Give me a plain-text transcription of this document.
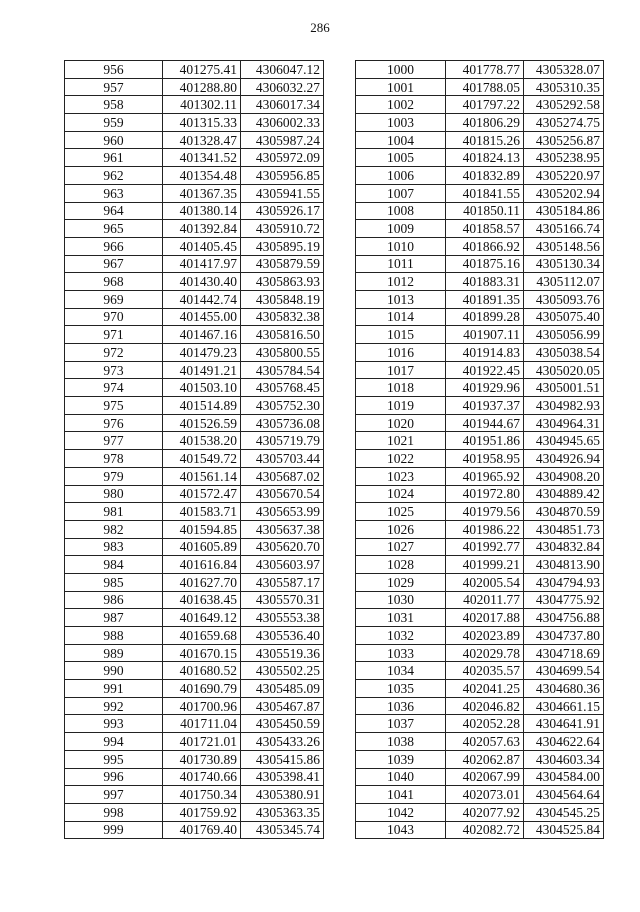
286
956	401275.41	4306047.12
957	401288.80	4306032.27
958	401302.11	4306017.34
959	401315.33	4306002.33
960	401328.47	4305987.24
961	401341.52	4305972.09
962	401354.48	4305956.85
963	401367.35	4305941.55
964	401380.14	4305926.17
965	401392.84	4305910.72
966	401405.45	4305895.19
967	401417.97	4305879.59
968	401430.40	4305863.93
969	401442.74	4305848.19
970	401455.00	4305832.38
971	401467.16	4305816.50
972	401479.23	4305800.55
973	401491.21	4305784.54
974	401503.10	4305768.45
975	401514.89	4305752.30
976	401526.59	4305736.08
977	401538.20	4305719.79
978	401549.72	4305703.44
979	401561.14	4305687.02
980	401572.47	4305670.54
981	401583.71	4305653.99
982	401594.85	4305637.38
983	401605.89	4305620.70
984	401616.84	4305603.97
985	401627.70	4305587.17
986	401638.45	4305570.31
987	401649.12	4305553.38
988	401659.68	4305536.40
989	401670.15	4305519.36
990	401680.52	4305502.25
991	401690.79	4305485.09
992	401700.96	4305467.87
993	401711.04	4305450.59
994	401721.01	4305433.26
995	401730.89	4305415.86
996	401740.66	4305398.41
997	401750.34	4305380.91
998	401759.92	4305363.35
999	401769.40	4305345.74
1000	401778.77	4305328.07
1001	401788.05	4305310.35
1002	401797.22	4305292.58
1003	401806.29	4305274.75
1004	401815.26	4305256.87
1005	401824.13	4305238.95
1006	401832.89	4305220.97
1007	401841.55	4305202.94
1008	401850.11	4305184.86
1009	401858.57	4305166.74
1010	401866.92	4305148.56
1011	401875.16	4305130.34
1012	401883.31	4305112.07
1013	401891.35	4305093.76
1014	401899.28	4305075.40
1015	401907.11	4305056.99
1016	401914.83	4305038.54
1017	401922.45	4305020.05
1018	401929.96	4305001.51
1019	401937.37	4304982.93
1020	401944.67	4304964.31
1021	401951.86	4304945.65
1022	401958.95	4304926.94
1023	401965.92	4304908.20
1024	401972.80	4304889.42
1025	401979.56	4304870.59
1026	401986.22	4304851.73
1027	401992.77	4304832.84
1028	401999.21	4304813.90
1029	402005.54	4304794.93
1030	402011.77	4304775.92
1031	402017.88	4304756.88
1032	402023.89	4304737.80
1033	402029.78	4304718.69
1034	402035.57	4304699.54
1035	402041.25	4304680.36
1036	402046.82	4304661.15
1037	402052.28	4304641.91
1038	402057.63	4304622.64
1039	402062.87	4304603.34
1040	402067.99	4304584.00
1041	402073.01	4304564.64
1042	402077.92	4304545.25
1043	402082.72	4304525.84
